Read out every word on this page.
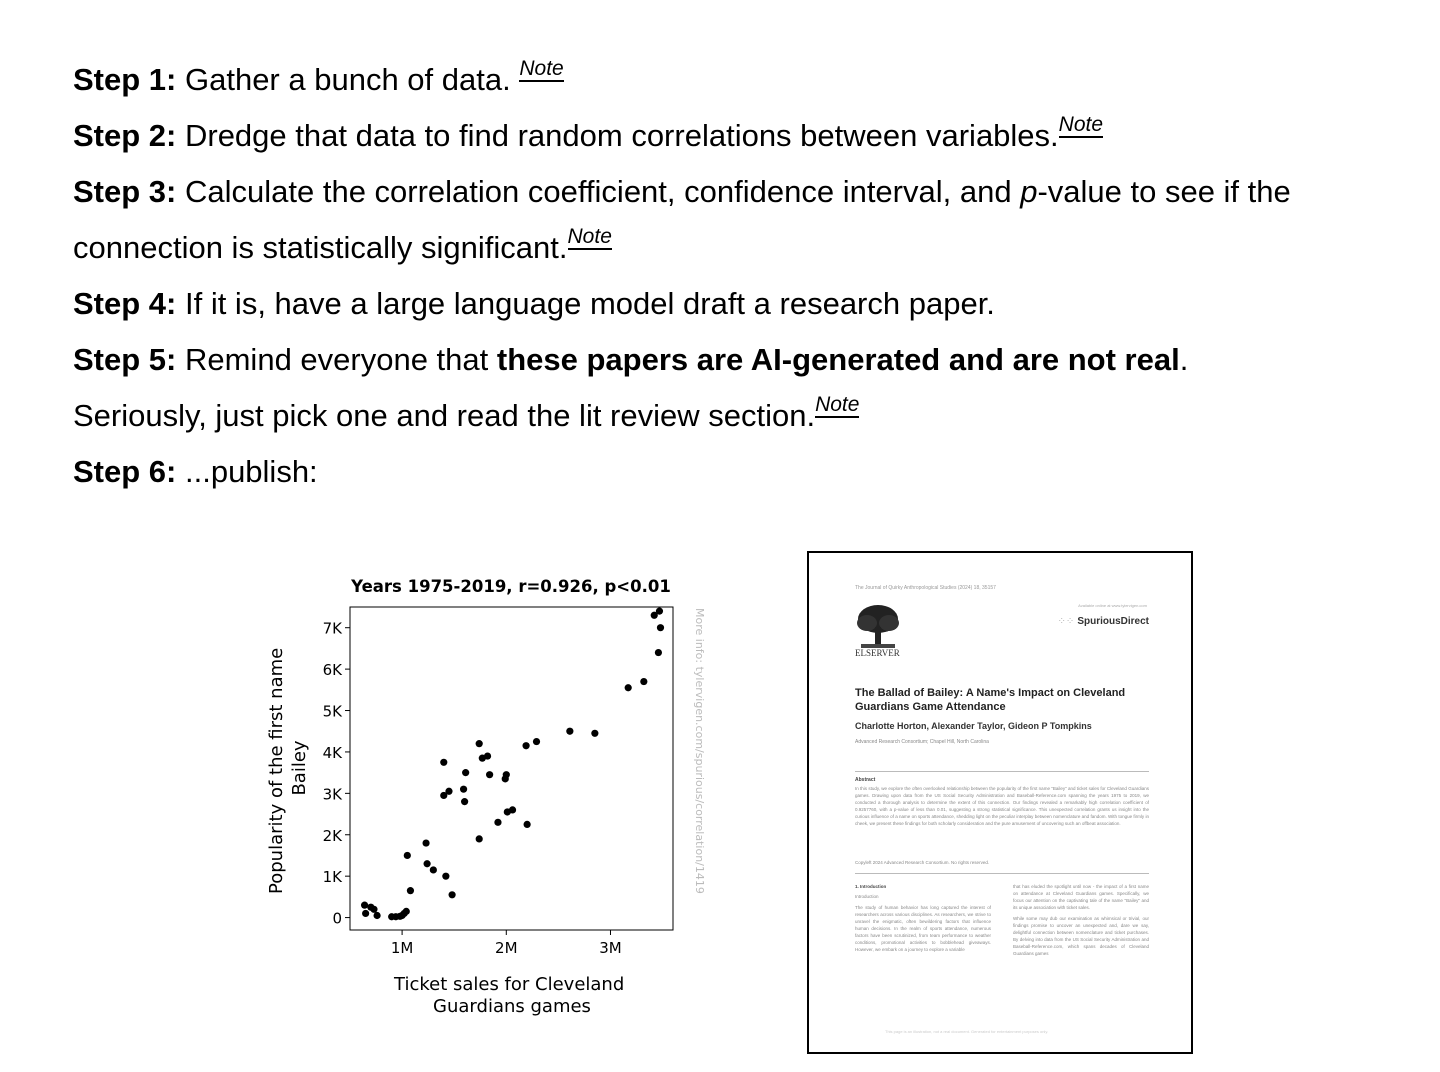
Step 1: Gather a bunch of data. Note
Step 2: Dredge that data to find random correlations between variables.Note
Step 3: Calculate the correlation coefficient, confidence interval, and p-value to see if the
connection is statistically significant.Note
Step 4: If it is, have a large language model draft a research paper.
Step 5: Remind everyone that these papers are AI-generated and are not real.
Seriously, just pick one and read the lit review section.Note
Step 6: ...publish:
Years 1975-2019, r=0.926, p<0.01
0
1K
2K
3K
4K
5K
6K
7K
1M	2M	3M
Popularity of the first name Bailey
Ticket sales for Cleveland Guardians games
More info: tylervigen.com/spurious/correlation/1419
The Journal of Quirky Anthropological Studies (2024) 18, 35157
ELSERVER
Available online at www.tylervigen.com
⁘⁘ SpuriousDirect
The Ballad of Bailey: A Name's Impact on Cleveland Guardians Game Attendance
Charlotte Horton, Alexander Taylor, Gideon P Tompkins
Advanced Research Consortium; Chapel Hill, North Carolina
Abstract
In this study, we explore the often overlooked relationship between the popularity of the first name "Bailey" and ticket sales for Cleveland Guardians games. Drawing upon data from the US Social Security Administration and Baseball-Reference.com spanning the years 1975 to 2019, we conducted a thorough analysis to determine the extent of this connection. Our findings revealed a remarkably high correlation coefficient of 0.9257760, with a p-value of less than 0.01, suggesting a strong statistical significance. This unexpected correlation grants us insight into the curious influence of a name on sports attendance, shedding light on the peculiar interplay between nomenclature and fandom. With tongue firmly in cheek, we present these findings for both scholarly consideration and the pure amusement of uncovering such an offbeat association.
Copyleft 2024 Advanced Research Consortium. No rights reserved.
1. Introduction

Introduction

The study of human behavior has long captured the interest of researchers across various disciplines. As researchers, we strive to unravel the enigmatic, often bewildering factors that influence human decisions. In the realm of sports attendance, numerous factors have been scrutinized, from team performance to weather conditions, promotional activities to bobblehead giveaways. However, we embark on a journey to explore a variable

that has eluded the spotlight until now - the impact of a first name on attendance at Cleveland Guardians games. Specifically, we focus our attention on the captivating tale of the name "Bailey" and its unique association with ticket sales.

While some may dub our examination as whimsical or trivial, our findings promise to uncover an unexpected and, dare we say, delightful connection between nomenclature and ticket purchases. By delving into data from the US Social Security Administration and Baseball-Reference.com, which spans decades of Cleveland Guardians games

This page is an illustration, not a real document. Generated for entertainment purposes only.
